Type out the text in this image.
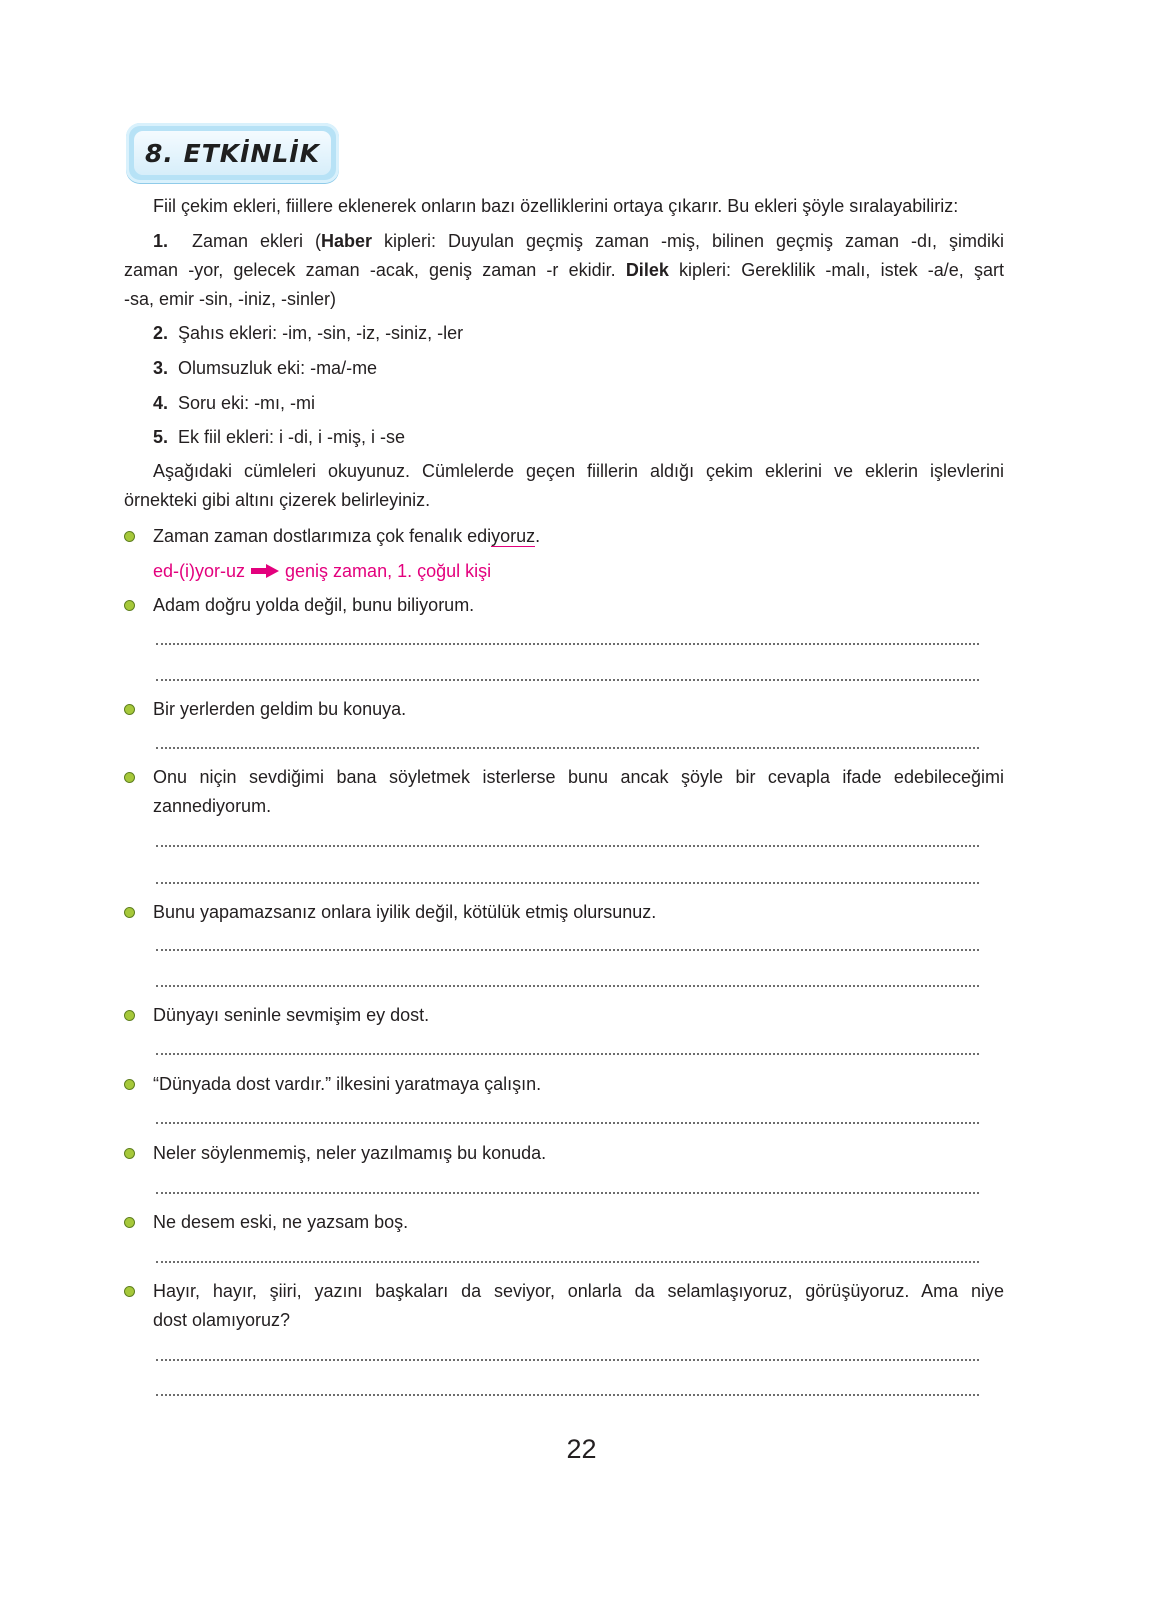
8. ETKİNLİK
Fiil çekim ekleri, fiillere eklenerek onların bazı özelliklerini ortaya çıkarır. Bu ekleri şöyle sıralayabiliriz:
1. Zaman ekleri (Haber kipleri: Duyulan geçmiş zaman -miş, bilinen geçmiş zaman -dı, şimdiki
zaman -yor, gelecek zaman -acak, geniş zaman -r ekidir. Dilek kipleri: Gereklilik -malı, istek -a/e, şart
-sa, emir -sin, -iniz, -sinler)
2. Şahıs ekleri: -im, -sin, -iz, -siniz, -ler
3. Olumsuzluk eki: -ma/-me
4. Soru eki: -mı, -mi
5. Ek fiil ekleri: i -di, i -miş, i -se
Aşağıdaki cümleleri okuyunuz. Cümlelerde geçen fiillerin aldığı çekim eklerini ve eklerin işlevlerini
örnekteki gibi altını çizerek belirleyiniz.
Zaman zaman dostlarımıza çok fenalık ediyoruz.
ed-(i)yor-uz geniş zaman, 1. çoğul kişi
Adam doğru yolda değil, bunu biliyorum.
Bir yerlerden geldim bu konuya.
Onu niçin sevdiğimi bana söyletmek isterlerse bunu ancak şöyle bir cevapla ifade edebileceğimi
zannediyorum.
Bunu yapamazsanız onlara iyilik değil, kötülük etmiş olursunuz.
Dünyayı seninle sevmişim ey dost.
“Dünyada dost vardır.” ilkesini yaratmaya çalışın.
Neler söylenmemiş, neler yazılmamış bu konuda.
Ne desem eski, ne yazsam boş.
Hayır, hayır, şiiri, yazını başkaları da seviyor, onlarla da selamlaşıyoruz, görüşüyoruz. Ama niye
dost olamıyoruz?
22
